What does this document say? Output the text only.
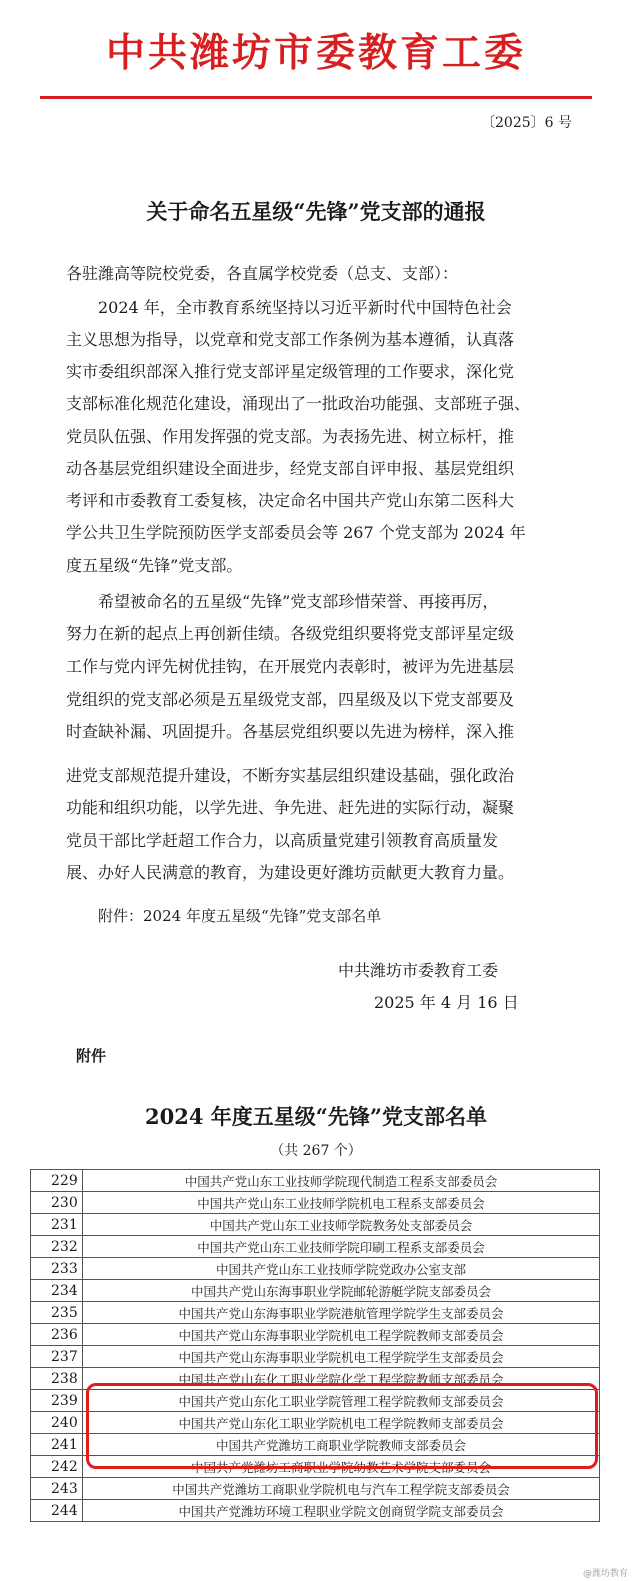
中共潍坊市委教育工委
〔2025〕6 号
关于命名五星级“先锋”党支部的通报
各驻潍高等院校党委，各直属学校党委（总支、支部）：
2024 年，全市教育系统坚持以习近平新时代中国特色社会
主义思想为指导，以党章和党支部工作条例为基本遵循，认真落
实市委组织部深入推行党支部评星定级管理的工作要求，深化党
支部标准化规范化建设，涌现出了一批政治功能强、支部班子强、
党员队伍强、作用发挥强的党支部。为表扬先进、树立标杆，推
动各基层党组织建设全面进步，经党支部自评申报、基层党组织
考评和市委教育工委复核，决定命名中国共产党山东第二医科大
学公共卫生学院预防医学支部委员会等 267 个党支部为 2024 年
度五星级“先锋”党支部。
希望被命名的五星级“先锋”党支部珍惜荣誉、再接再厉，
努力在新的起点上再创新佳绩。各级党组织要将党支部评星定级
工作与党内评先树优挂钩，在开展党内表彰时，被评为先进基层
党组织的党支部必须是五星级党支部，四星级及以下党支部要及
时查缺补漏、巩固提升。各基层党组织要以先进为榜样，深入推
进党支部规范提升建设，不断夯实基层组织建设基础，强化政治
功能和组织功能，以学先进、争先进、赶先进的实际行动，凝聚
党员干部比学赶超工作合力，以高质量党建引领教育高质量发
展、办好人民满意的教育，为建设更好潍坊贡献更大教育力量。
附件：2024 年度五星级“先锋”党支部名单
中共潍坊市委教育工委
2025 年 4 月 16 日
附件
2024 年度五星级“先锋”党支部名单
（共 267 个）
229	中国共产党山东工业技师学院现代制造工程系支部委员会
230	中国共产党山东工业技师学院机电工程系支部委员会
231	中国共产党山东工业技师学院教务处支部委员会
232	中国共产党山东工业技师学院印刷工程系支部委员会
233	中国共产党山东工业技师学院党政办公室支部
234	中国共产党山东海事职业学院邮轮游艇学院支部委员会
235	中国共产党山东海事职业学院港航管理学院学生支部委员会
236	中国共产党山东海事职业学院机电工程学院教师支部委员会
237	中国共产党山东海事职业学院机电工程学院学生支部委员会
238	中国共产党山东化工职业学院化学工程学院教师支部委员会
239	中国共产党山东化工职业学院管理工程学院教师支部委员会
240	中国共产党山东化工职业学院机电工程学院教师支部委员会
241	中国共产党潍坊工商职业学院教师支部委员会
242	中国共产党潍坊工商职业学院幼教艺术学院支部委员会
243	中国共产党潍坊工商职业学院机电与汽车工程学院支部委员会
244	中国共产党潍坊环境工程职业学院文创商贸学院支部委员会
@潍坊教育
